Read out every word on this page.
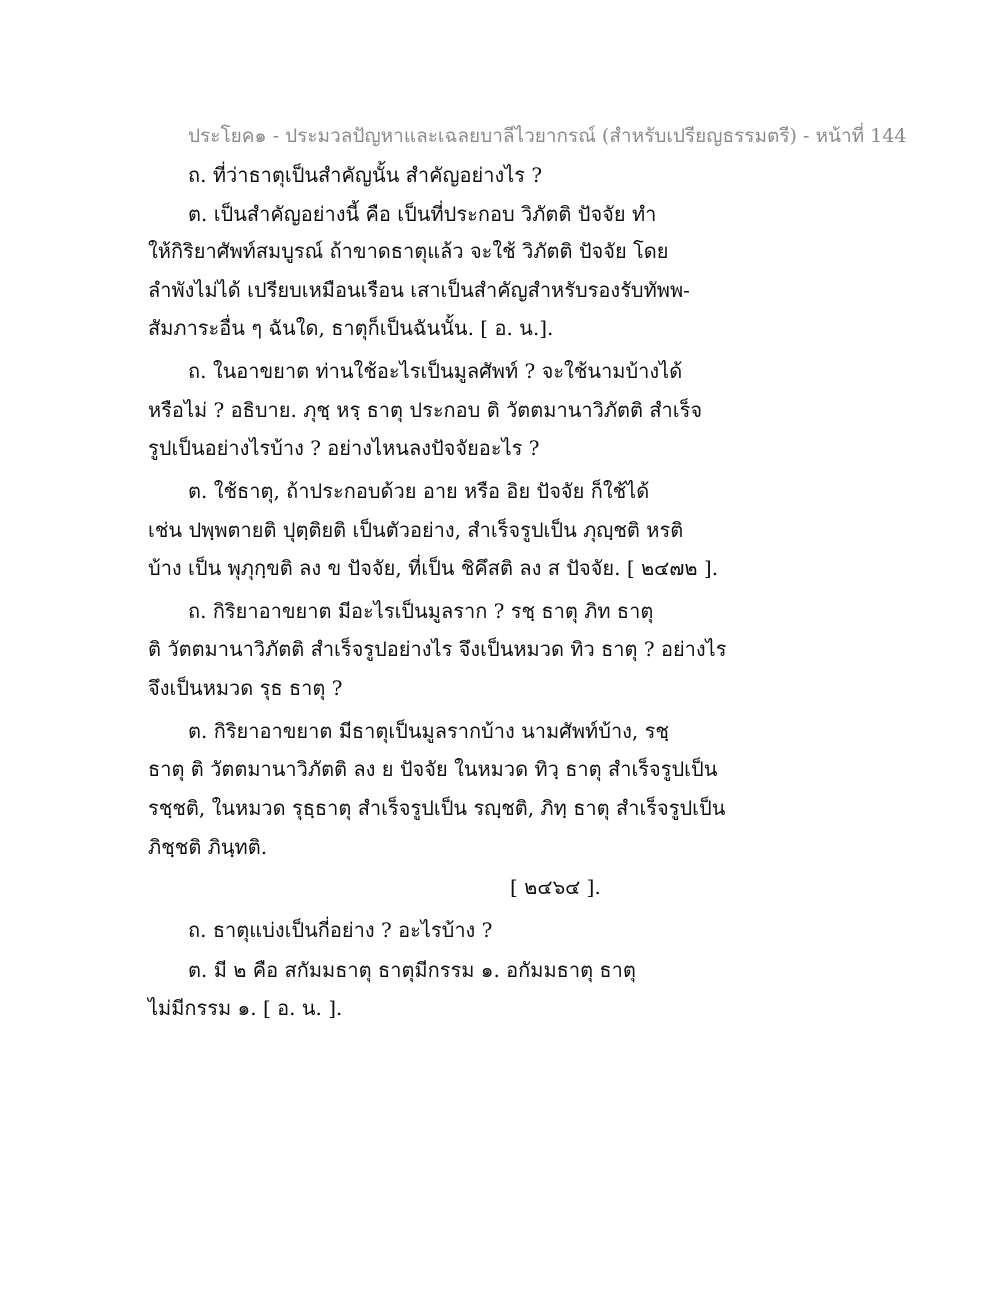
ประโยค๑ - ประมวลปัญหาและเฉลยบาลีไวยากรณ์ (สำหรับเปรียญธรรมตรี) - หน้าที่ 144
ถ. ที่ว่าธาตุเป็นสำคัญนั้น สำคัญอย่างไร ?
ต. เป็นสำคัญอย่างนี้ คือ เป็นที่ประกอบ วิภัตติ ปัจจัย ทำ
ให้กิริยาศัพท์สมบูรณ์ ถ้าขาดธาตุแล้ว จะใช้ วิภัตติ ปัจจัย โดย
ลำพังไม่ได้ เปรียบเหมือนเรือน เสาเป็นสำคัญสำหรับรองรับทัพพ-
สัมภาระอื่น ๆ ฉันใด, ธาตุก็เป็นฉันนั้น. [ อ. น.].
ถ. ในอาขยาต ท่านใช้อะไรเป็นมูลศัพท์ ? จะใช้นามบ้างได้
หรือไม่ ? อธิบาย. ภุชฺ หรฺ ธาตุ ประกอบ ติ วัตตมานาวิภัตติ สำเร็จ
รูปเป็นอย่างไรบ้าง ? อย่างไหนลงปัจจัยอะไร ?
ต. ใช้ธาตุ, ถ้าประกอบด้วย อาย หรือ อิย ปัจจัย ก็ใช้ได้
เช่น ปพฺพตายติ ปุตฺติยติ เป็นตัวอย่าง, สำเร็จรูปเป็น ภุญฺชติ หรติ
บ้าง เป็น พุภุกฺขติ ลง ข ปัจจัย, ที่เป็น ชิคึสติ ลง ส ปัจจัย. [ ๒๔๗๒ ].
ถ. กิริยาอาขยาต มีอะไรเป็นมูลราก ? รชฺ ธาตุ ภิท ธาตุ
ติ วัตตมานาวิภัตติ สำเร็จรูปอย่างไร จึงเป็นหมวด ทิว ธาตุ ? อย่างไร
จึงเป็นหมวด รุธ ธาตุ ?
ต. กิริยาอาขยาต มีธาตุเป็นมูลรากบ้าง นามศัพท์บ้าง, รชฺ
ธาตุ ติ วัตตมานาวิภัตติ ลง ย ปัจจัย ในหมวด ทิวฺ ธาตุ สำเร็จรูปเป็น
รชฺชติ, ในหมวด รุธฺธาตุ สำเร็จรูปเป็น รญฺชติ, ภิทฺ ธาตุ สำเร็จรูปเป็น
ภิชฺชติ ภินฺทติ.
[ ๒๔๖๔ ].
ถ. ธาตุแบ่งเป็นกี่อย่าง ? อะไรบ้าง ?
ต. มี ๒ คือ สกัมมธาตุ ธาตุมีกรรม ๑. อกัมมธาตุ ธาตุ
ไม่มีกรรม ๑. [ อ. น. ].
